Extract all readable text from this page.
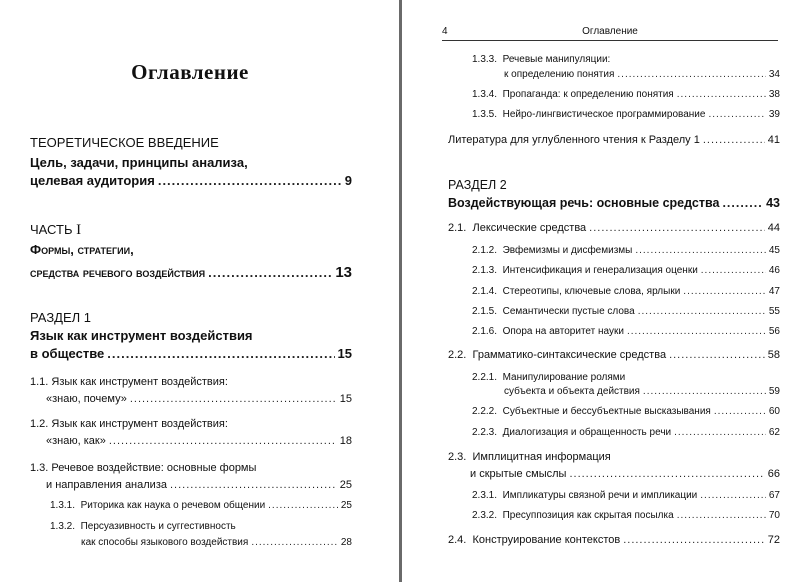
Оглавление
ТЕОРЕТИЧЕСКОЕ ВВЕДЕНИЕ
Цель, задачи, принципы анализа,
целевая аудитория .....	9
ЧАСТЬ I
Формы, стратегии,
средства речевого воздействия .....	13
РАЗДЕЛ 1
Язык как инструмент воздействия
в обществе .....	15
1.1. Язык как инструмент воздействия:
«знаю, почему» .....	15
1.2. Язык как инструмент воздействия:
«знаю, как» .....	18
1.3. Речевое воздействие: основные формы
и направления анализа .....	25
1.3.1. Риторика как наука о речевом общении .....	25
1.3.2. Персуазивность и суггестивность
как способы языкового воздействия .....	28
4	Оглавление
1.3.3. Речевые манипуляции:
к определению понятия .....	34
1.3.4. Пропаганда: к определению понятия .....	38
1.3.5. Нейро-лингвистическое программирование .....	39
Литература для углубленного чтения к Разделу 1 .....	41
РАЗДЕЛ 2
Воздействующая речь: основные средства .....	43
2.1. Лексические средства .....	44
2.1.2. Эвфемизмы и дисфемизмы .....	45
2.1.3. Интенсификация и генерализация оценки .....	46
2.1.4. Стереотипы, ключевые слова, ярлыки .....	47
2.1.5. Семантически пустые слова .....	55
2.1.6. Опора на авторитет науки .....	56
2.2. Грамматико-синтаксические средства .....	58
2.2.1. Манипулирование ролями
субъекта и объекта действия .....	59
2.2.2. Субъектные и бессубъектные высказывания .....	60
2.2.3. Диалогизация и обращенность речи .....	62
2.3. Имплицитная информация
и скрытые смыслы .....	66
2.3.1. Импликатуры связной речи и импликации .....	67
2.3.2. Пресуппозиция как скрытая посылка .....	70
2.4. Конструирование контекстов .....	72
